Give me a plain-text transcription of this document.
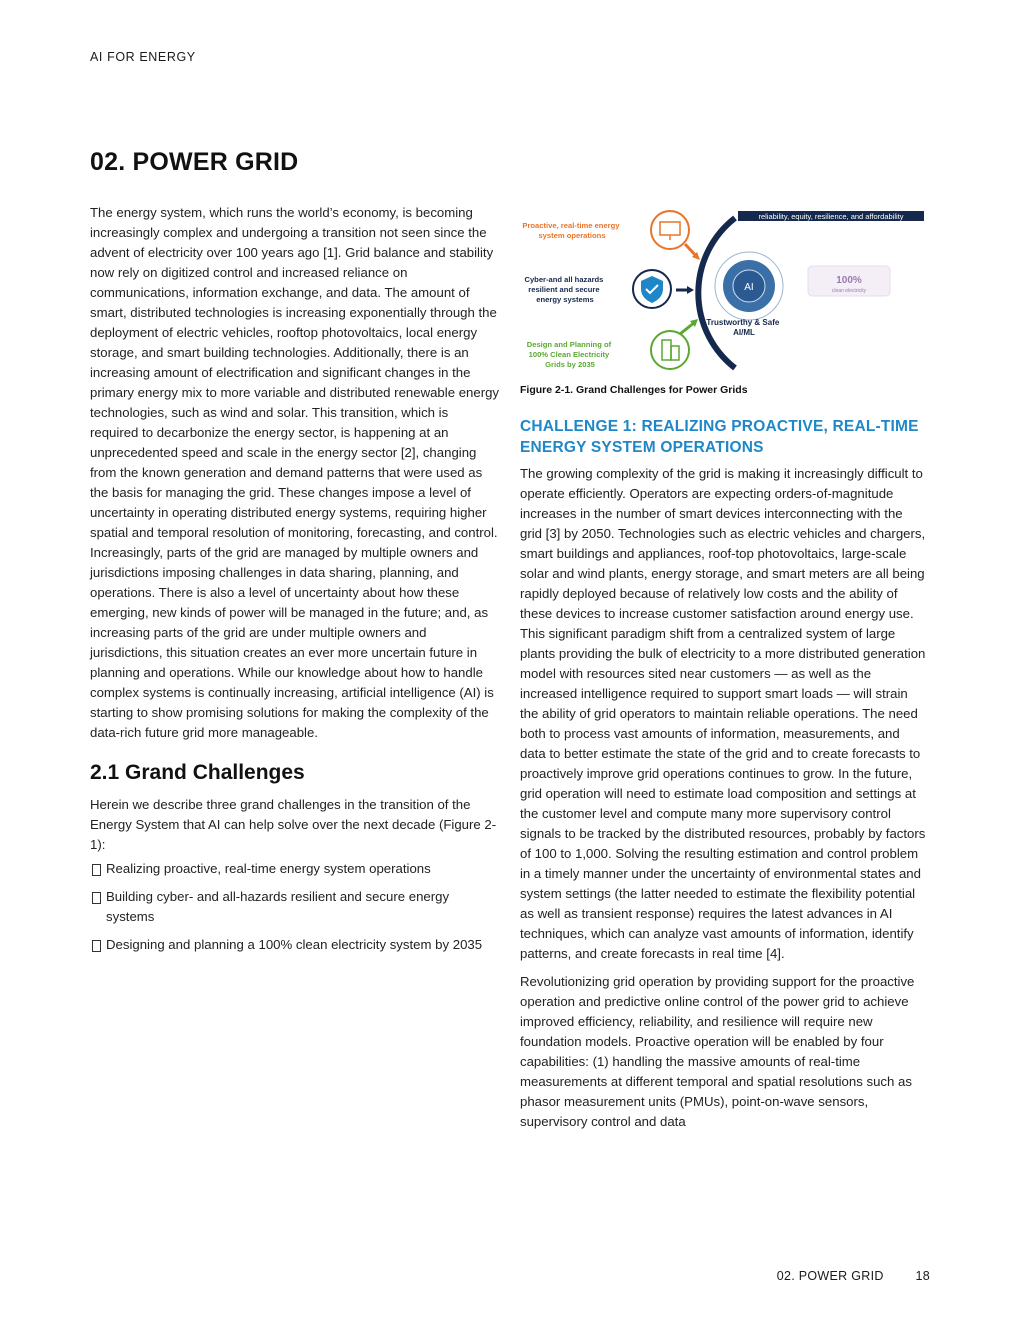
AI FOR ENERGY
02. POWER GRID

The energy system, which runs the world’s economy, is becoming increasingly complex and undergoing a transition not seen since the advent of electricity over 100 years ago [1]. Grid balance and stability now rely on digitized control and increased reliance on communications, information exchange, and data. The amount of smart, distributed technologies is increasing exponentially through the deployment of electric vehicles, rooftop photovoltaics, local energy storage, and smart building technologies. Additionally, there is an increasing amount of electrification and significant changes in the primary energy mix to more variable and distributed renewable energy technologies, such as wind and solar. This transition, which is required to decarbonize the energy sector, is happening at an unprecedented speed and scale in the energy sector [2], changing from the known generation and demand patterns that were used as the basis for managing the grid. These changes impose a level of uncertainty in operating distributed energy systems, requiring higher spatial and temporal resolution of monitoring, forecasting, and control. Increasingly, parts of the grid are managed by multiple owners and jurisdictions imposing challenges in data sharing, planning, and operations. There is also a level of uncertainty about how these emerging, new kinds of power will be managed in the future; and, as increasing parts of the grid are under multiple owners and jurisdictions, this situation creates an ever more uncertain future in planning and operations. While our knowledge about how to handle complex systems is continually increasing, artificial intelligence (AI) is starting to show promising solutions for making the complexity of the data-rich future grid more manageable.

2.1 Grand Challenges

Herein we describe three grand challenges in the transition of the Energy System that AI can help solve over the next decade (Figure 2-1):

Realizing proactive, real-time energy system operations
Building cyber- and all-hazards resilient and secure energy systems
Designing and planning a 100% clean electricity system by 2035
reliability, equity, resilience, and affordability
AI
100%
clean electricity
Proactive, real-time energy system operations
Cyber-and all hazards resilient and secure energy systems
Design and Planning of 100% Clean Electricity Grids by 2035
Trustworthy & Safe AI/ML

Figure 2-1. Grand Challenges for Power Grids

CHALLENGE 1: REALIZING PROACTIVE, REAL-TIME ENERGY SYSTEM OPERATIONS

The growing complexity of the grid is making it increasingly difficult to operate efficiently. Operators are expecting orders-of-magnitude increases in the number of smart devices interconnecting with the grid [3] by 2050. Technologies such as electric vehicles and chargers, smart buildings and appliances, roof-top photovoltaics, large-scale solar and wind plants, energy storage, and smart meters are all being rapidly deployed because of relatively low costs and the ability of these devices to increase customer satisfaction around energy use. This significant paradigm shift from a centralized system of large plants providing the bulk of electricity to a more distributed generation model with resources sited near customers — as well as the increased intelligence required to support smart loads — will strain the ability of grid operators to maintain reliable operations. The need both to process vast amounts of information, measurements, and data to better estimate the state of the grid and to create forecasts to proactively improve grid operations continues to grow. In the future, grid operation will need to estimate load composition and settings at the customer level and compute many more supervisory control signals to be tracked by the distributed resources, probably by factors of 100 to 1,000. Solving the resulting estimation and control problem in a timely manner under the uncertainty of environmental states and system settings (the latter needed to estimate the flexibility potential as well as transient response) requires the latest advances in AI techniques, which can analyze vast amounts of information, identify patterns, and create forecasts in real time [4].

Revolutionizing grid operation by providing support for the proactive operation and predictive online control of the power grid to achieve improved efficiency, reliability, and resilience will require new foundation models. Proactive operation will be enabled by four capabilities: (1) handling the massive amounts of real-time measurements at different temporal and spatial resolutions such as phasor measurement units (PMUs), point-on-wave sensors, supervisory control and data

02. POWER GRID	18
